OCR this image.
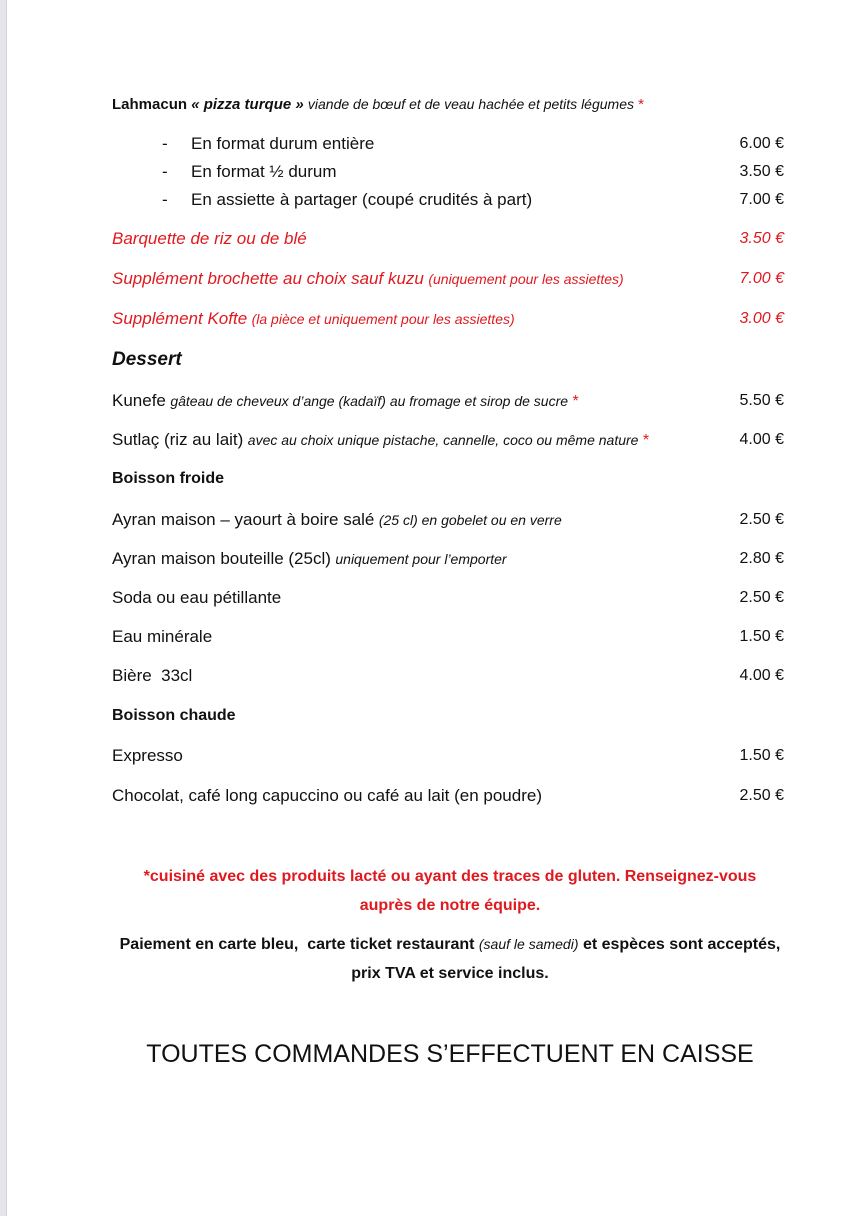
Lahmacun « pizza turque » viande de bœuf et de veau hachée et petits légumes *
- En format durum entière	6.00 €
- En format ½ durum	3.50 €
- En assiette à partager (coupé crudités à part)	7.00 €
Barquette de riz ou de blé	3.50 €
Supplément brochette au choix sauf kuzu (uniquement pour les assiettes)	7.00 €
Supplément Kofte (la pièce et uniquement pour les assiettes)	3.00 €
Dessert
Kunefe gâteau de cheveux d’ange (kadaïf) au fromage et sirop de sucre *	5.50 €
Sutlaç (riz au lait) avec au choix unique pistache, cannelle, coco ou même nature *	4.00 €
Boisson froide
Ayran maison – yaourt à boire salé (25 cl) en gobelet ou en verre	2.50 €
Ayran maison bouteille (25cl) uniquement pour l’emporter	2.80 €
Soda ou eau pétillante	2.50 €
Eau minérale	1.50 €
Bière  33cl	4.00 €
Boisson chaude
Expresso	1.50 €
Chocolat, café long capuccino ou café au lait (en poudre)	2.50 €
*cuisiné avec des produits lacté ou ayant des traces de gluten. Renseignez-vous auprès de notre équipe.
Paiement en carte bleu,  carte ticket restaurant (sauf le samedi) et espèces sont acceptés, prix TVA et service inclus.
TOUTES COMMANDES S’EFFECTUENT EN CAISSE
